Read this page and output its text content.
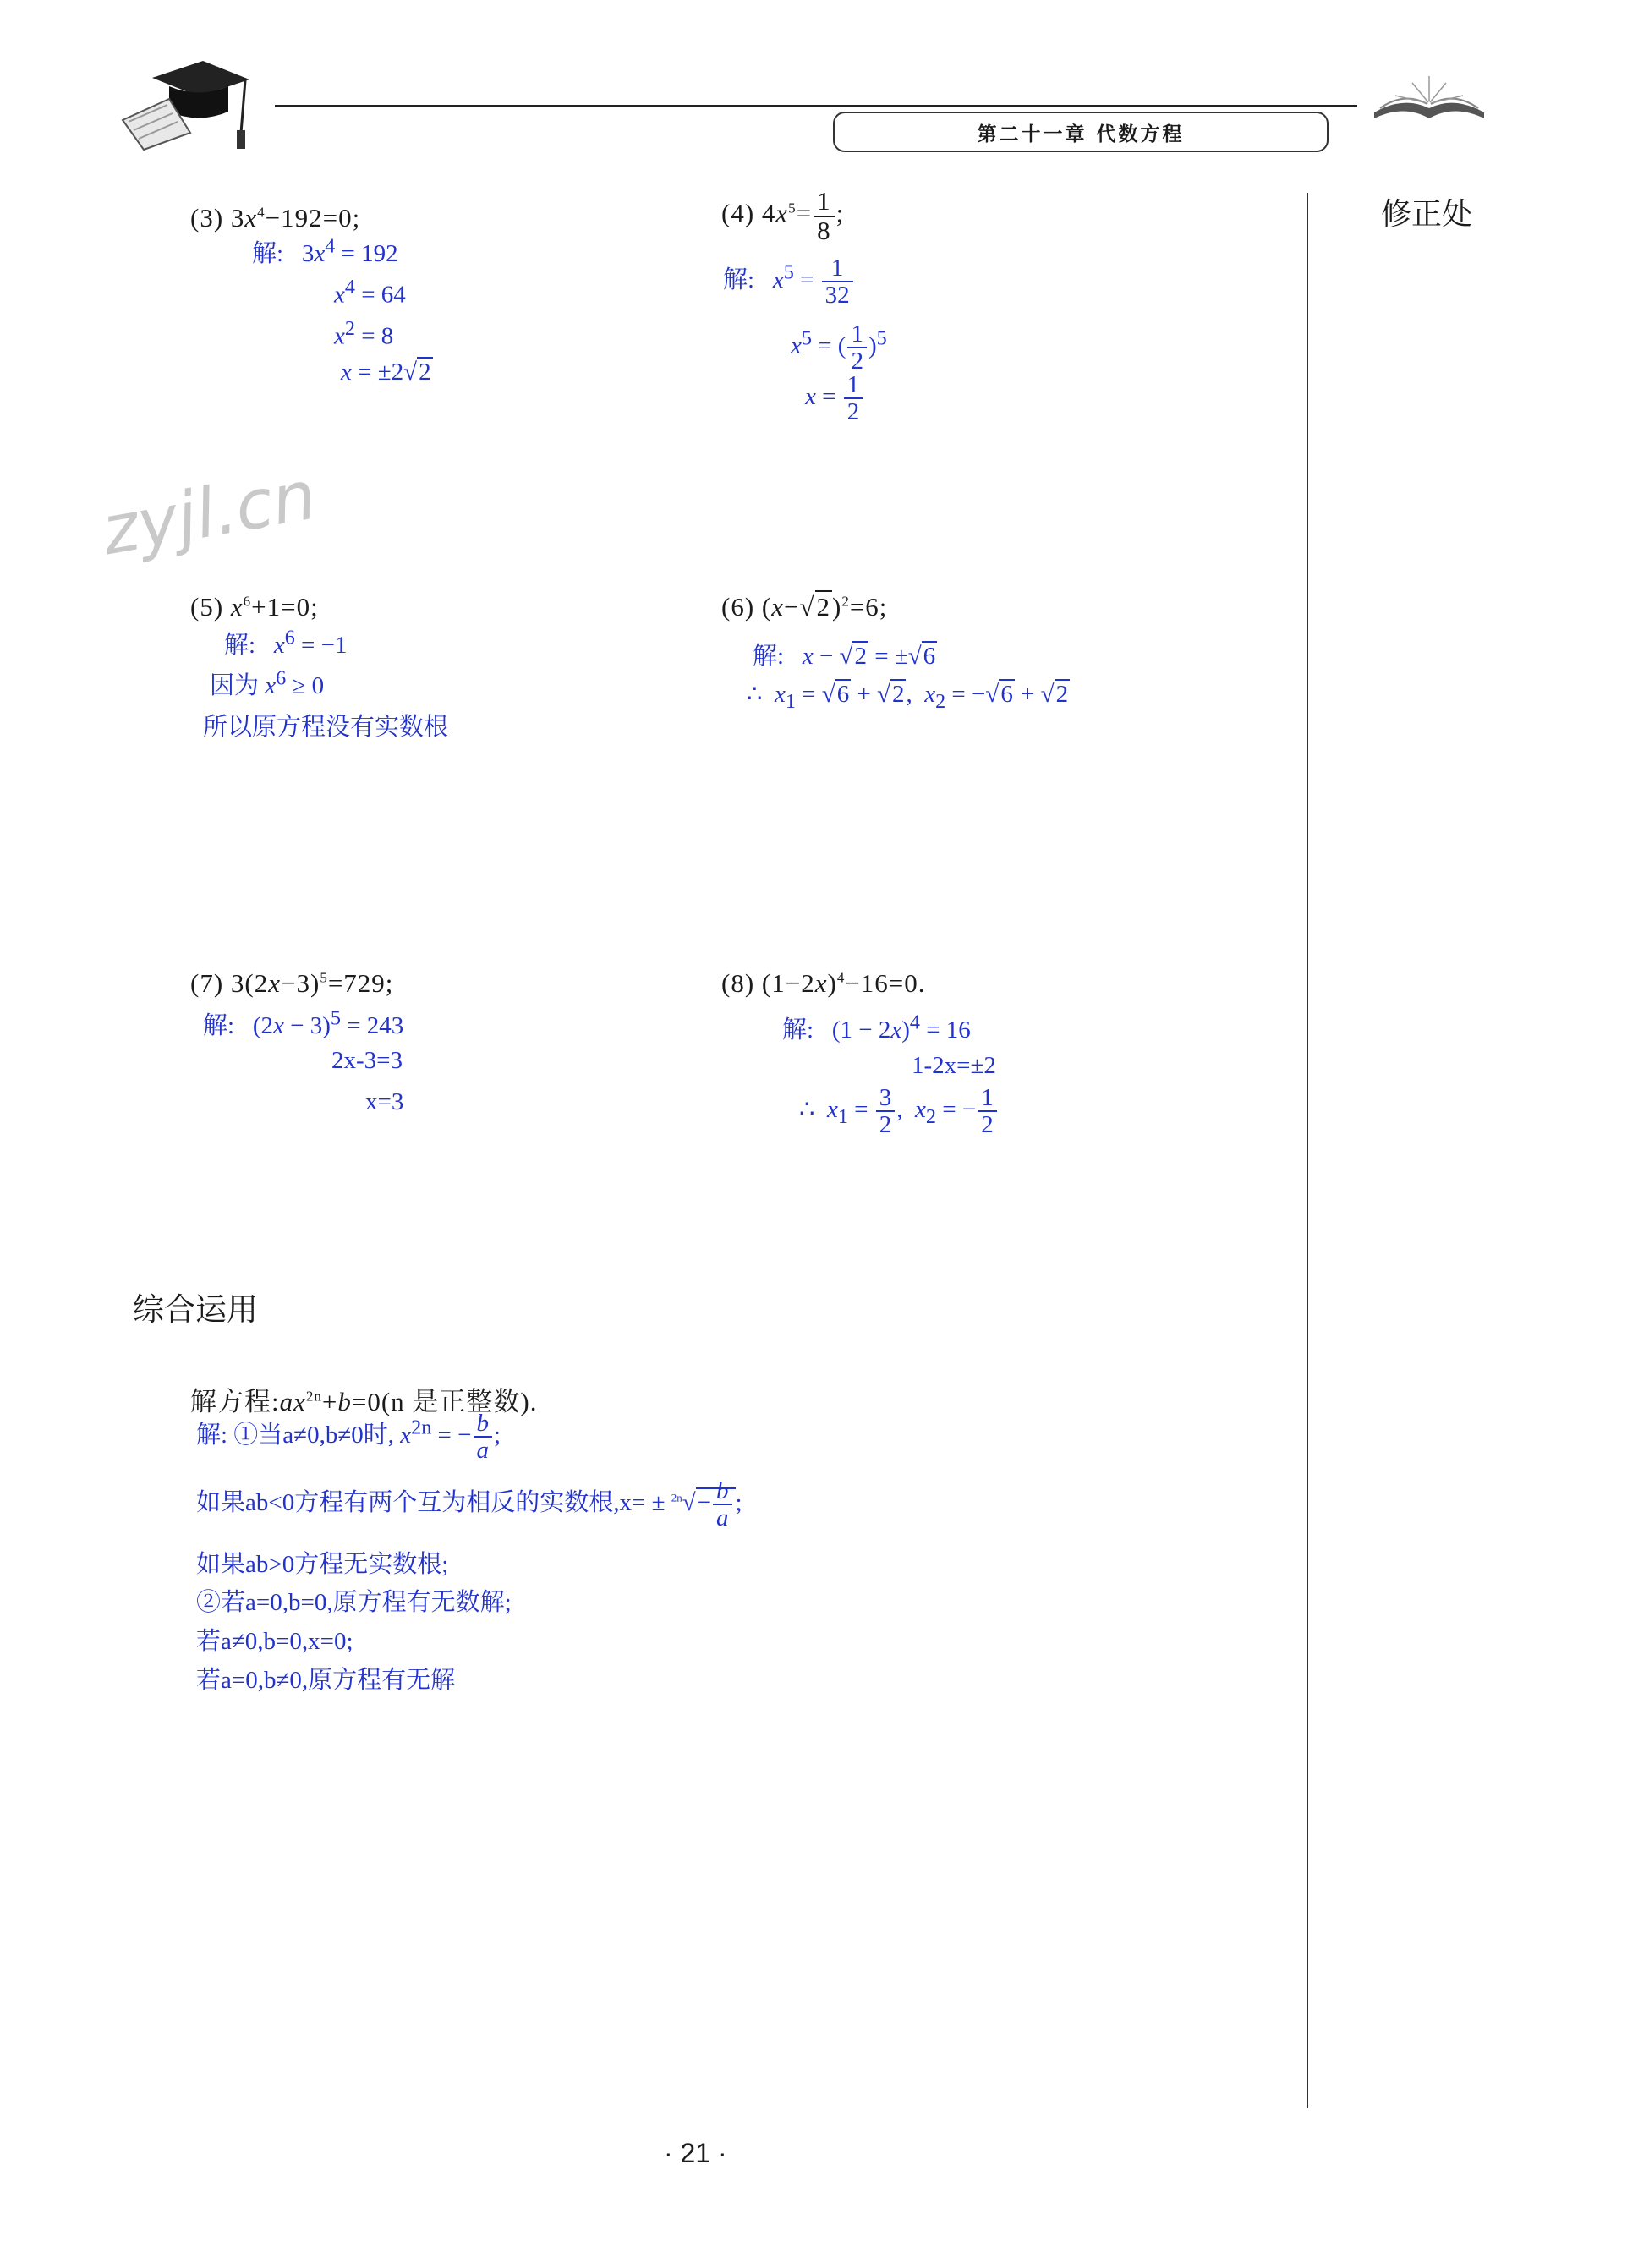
第二十一章 代数方程
修正处
zyjl.cn
(3) $3x^4-192=0$;
解:   $3x^4 = 192$
$x^4 = 64$
$x^2 = 8$
x = ±2√2
(4) $4x^5= \frac{1}{8}$ ;
解: $x^5 = \frac{1}{32}$
$x^5$ = ( $\frac{1}{2} )^5$
$x = \frac{1}{2}$
(5) $x^6+1=0$;
解: $x^6 = -1$
因为 $x^6 \ge 0$
所以原方程没有实数根
(6) $(x-√2)^2=6$;
解: x − √2 = ±√6
∴  $x_1 = √6 + √2$,  $x_2 = -√6 + √2$
(7) $3(2x-3)^5=729$;
解:   $(2x - 3)^5 = 243$
2x-3=3
x=3
(8) $(1-2x)^4-16=0$.
解:   $(1 - 2x)^4 = 16$
1-2x=±2
∴  $x_1 = \frac{3}{2}$ ,  $x_2$ = − $\frac{1}{2}$
综合运用
解方程$:ax^{2n}+b=0(n$ 是正整数).
解: ①当a≠0,b≠0时, $x^{2n}$ = − $\frac{b}{a}$ ;
如果ab<0方程有两个互为相反的实数根$,x= \pm ^{2n}√- \frac{b}{a}$ ;
如果ab>0方程无实数根;
②若a=0,b=0,原方程有无数解;
若a≠0,b=0,x=0;
若a=0,b≠0,原方程有无解
· 21 ·
